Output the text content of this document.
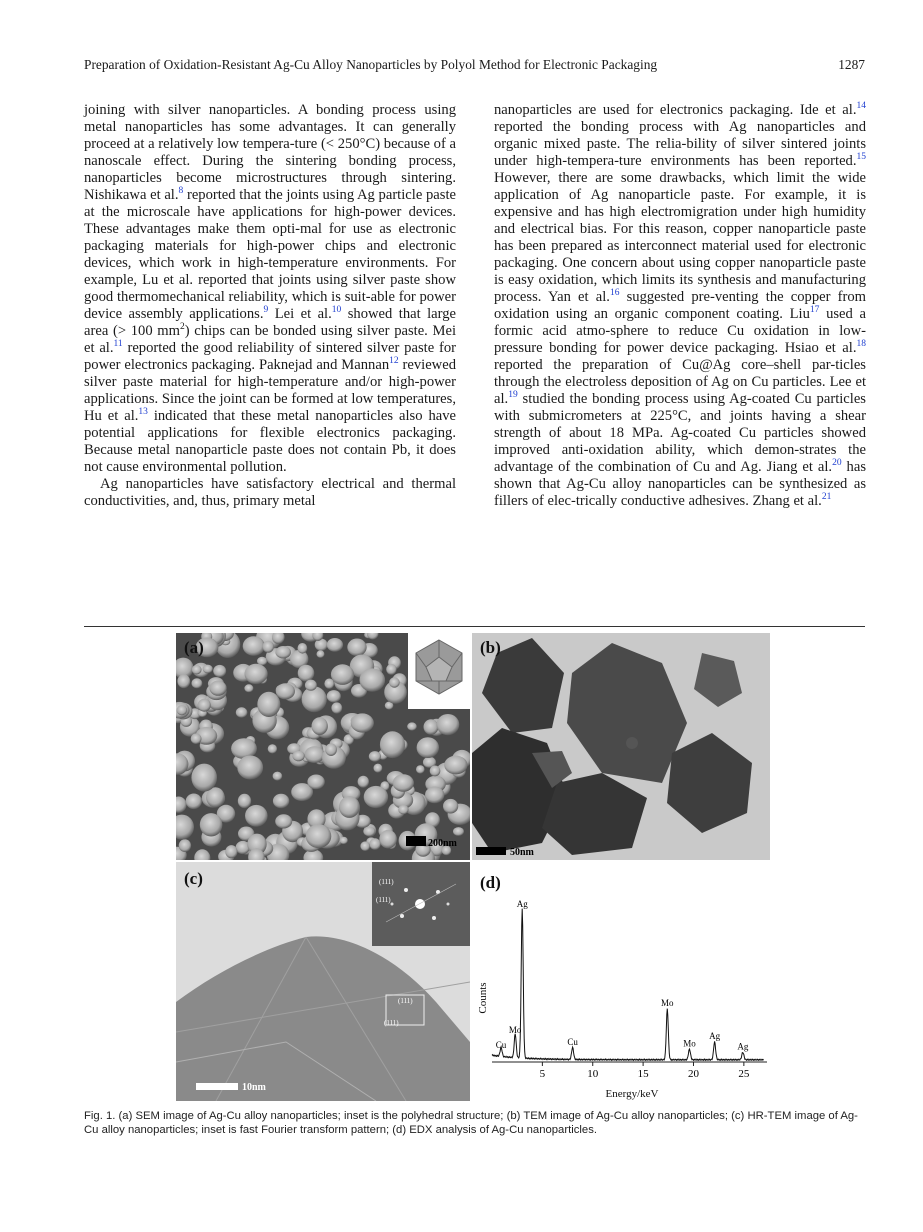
Preparation of Oxidation-Resistant Ag-Cu Alloy Nanoparticles by Polyol Method for Electronic Packaging	1287

joining with silver nanoparticles. A bonding process using metal nanoparticles has some advantages. It can generally proceed at a relatively low tempera-ture (< 250°C) because of a nanoscale effect. During the sintering bonding process, nanoparticles become microstructures through sintering. Nishikawa et al.$^8$ reported that the joints using Ag particle paste at the microscale have applications for high-power devices. These advantages make them opti-mal for use as electronic packaging materials for high-power chips and electronic devices, which work in high-temperature environments. For example, Lu et al. reported that joints using silver paste show good thermomechanical reliability, which is suit-able for power device assembly applications.$^9$ Lei et al.$^{10}$ showed that large area (> 100 $mm^2$) chips can be bonded using silver paste. Mei et al.$^{11}$ reported the good reliability of sintered silver paste for power electronics packaging. Paknejad and Mannan$^{12}$ reviewed silver paste material for high-temperature and/or high-power applications. Since the joint can be formed at low temperatures, Hu et al.$^{13}$ indicated that these metal nanoparticles also have potential applications for flexible electronics packaging. Because metal nanoparticle paste does not contain Pb, it does not cause environmental pollution.

Ag nanoparticles have satisfactory electrical and thermal conductivities, and, thus, primary metal

nanoparticles are used for electronics packaging. Ide et al.$^{14}$ reported the bonding process with Ag nanoparticles and organic mixed paste. The relia-bility of silver sintered joints under high-tempera-ture environments has been reported.$^{15}$ However, there are some drawbacks, which limit the wide application of Ag nanoparticle paste. For example, it is expensive and has high electromigration under high humidity and electrical bias. For this reason, copper nanoparticle paste has been prepared as interconnect material used for electronic packaging. One concern about using copper nanoparticle paste is easy oxidation, which limits its synthesis and manufacturing process. Yan et al.$^{16}$ suggested pre-venting the copper from oxidation using an organic component coating. Liu$^{17}$ used a formic acid atmo-sphere to reduce Cu oxidation in low-pressure bonding for power device packaging. Hsiao et al.$^{18}$ reported the preparation of Cu@Ag core–shell par-ticles through the electroless deposition of Ag on Cu particles. Lee et al.$^{19}$ studied the bonding process using Ag-coated Cu particles with submicrometers at 225°C, and joints having a shear strength of about 18 MPa. Ag-coated Cu particles showed improved anti-oxidation ability, which demon-strates the advantage of the combination of Cu and Ag. Jiang et al.$^{20}$ has shown that Ag-Cu alloy nanoparticles can be synthesized as fillers of elec-trically conductive adhesives. Zhang et al.$^{21}$

(a)
200nm
50nm
(b)
(111)
(111)
(111)
(111)
10nm
(c)	(d)
Counts
Energy/keV
5	10	15	20	25
Cu
Mo
Ag
Cu
Mo
Mo
Ag
Ag
Fig. 1. (a) SEM image of Ag-Cu alloy nanoparticles; inset is the polyhedral structure; (b) TEM image of Ag-Cu alloy nanoparticles; (c) HR-TEM image of Ag-Cu alloy nanoparticles; inset is fast Fourier transform pattern; (d) EDX analysis of Ag-Cu nanoparticles.
